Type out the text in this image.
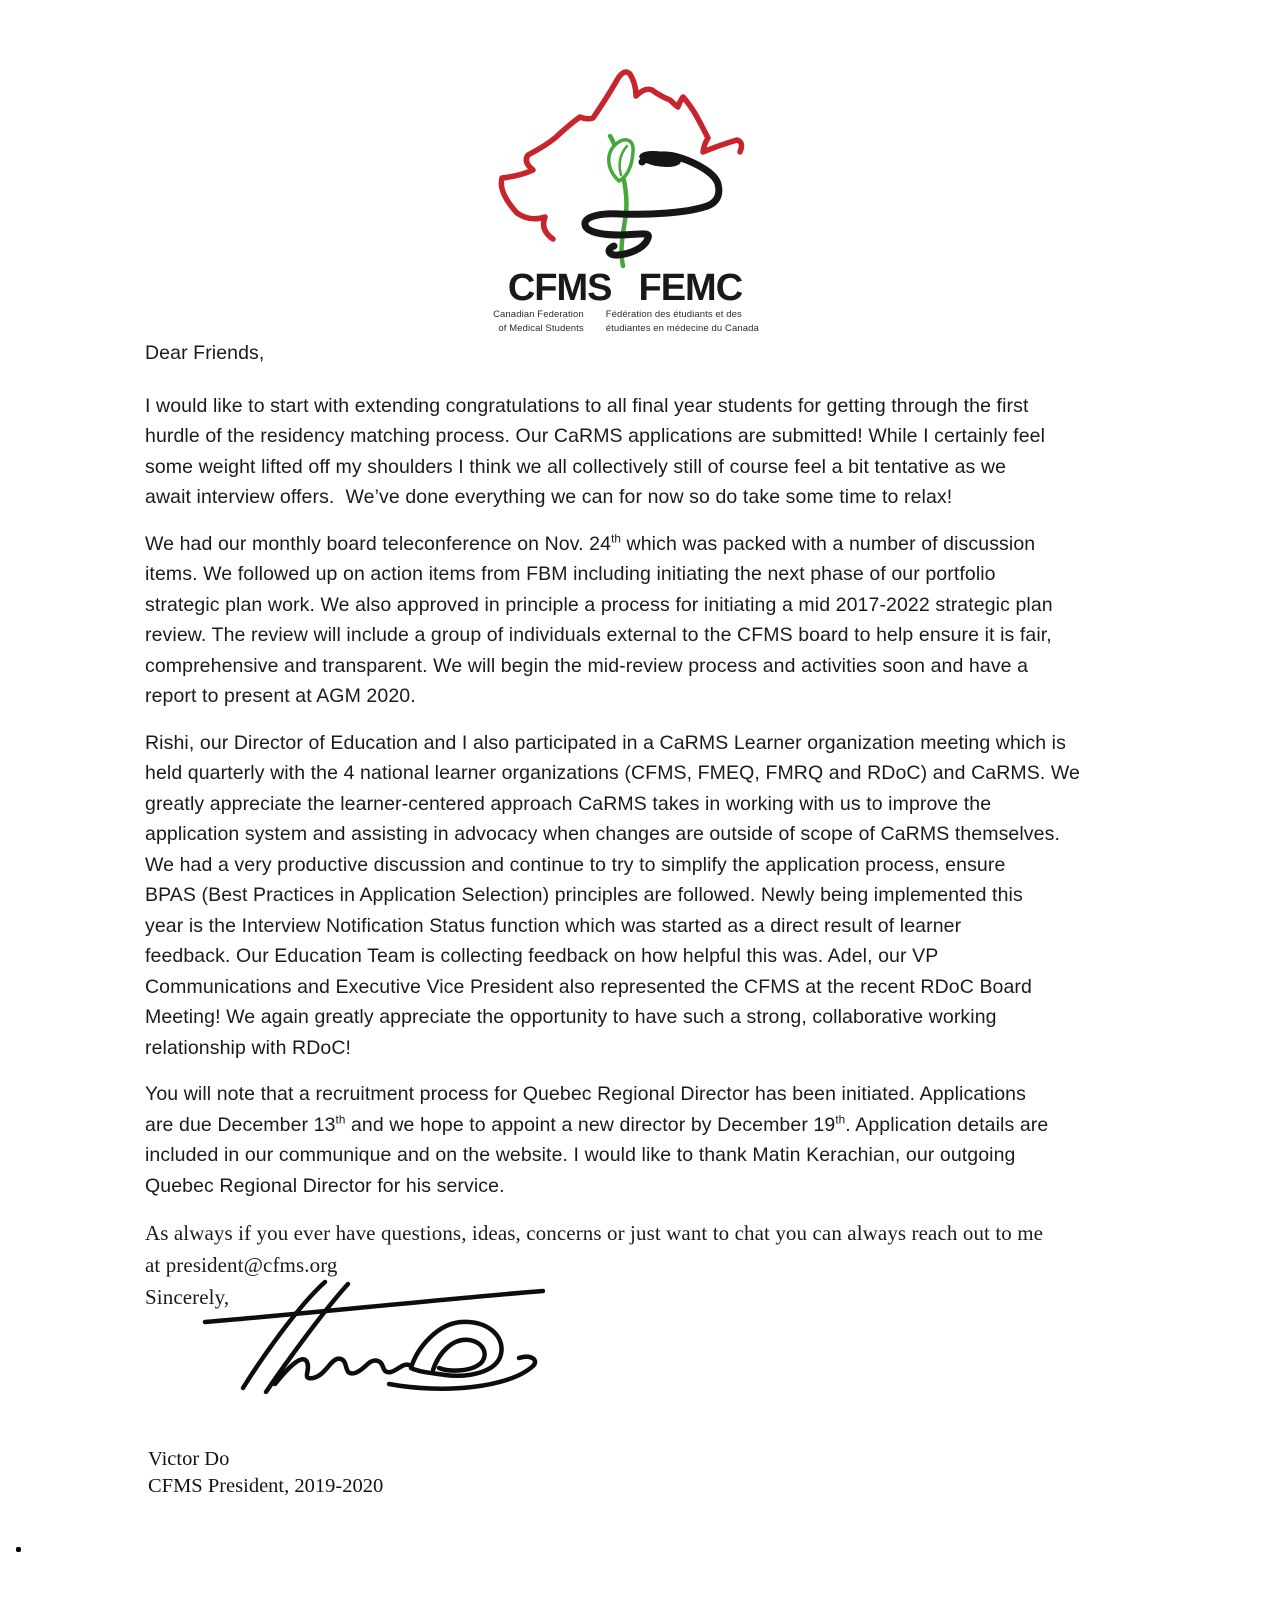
CFMS FEMC
Canadian Federation
of Medical Students
Fédération des étudiants et des
étudiantes en médecine du Canada
Dear Friends,
I would like to start with extending congratulations to all final year students for getting through the first
hurdle of the residency matching process. Our CaRMS applications are submitted! While I certainly feel
some weight lifted off my shoulders I think we all collectively still of course feel a bit tentative as we
await interview offers.  We’ve done everything we can for now so do take some time to relax!
We had our monthly board teleconference on Nov. 24th which was packed with a number of discussion
items. We followed up on action items from FBM including initiating the next phase of our portfolio
strategic plan work. We also approved in principle a process for initiating a mid 2017-2022 strategic plan
review. The review will include a group of individuals external to the CFMS board to help ensure it is fair,
comprehensive and transparent. We will begin the mid-review process and activities soon and have a
report to present at AGM 2020.
Rishi, our Director of Education and I also participated in a CaRMS Learner organization meeting which is
held quarterly with the 4 national learner organizations (CFMS, FMEQ, FMRQ and RDoC) and CaRMS. We
greatly appreciate the learner-centered approach CaRMS takes in working with us to improve the
application system and assisting in advocacy when changes are outside of scope of CaRMS themselves.
We had a very productive discussion and continue to try to simplify the application process, ensure
BPAS (Best Practices in Application Selection) principles are followed. Newly being implemented this
year is the Interview Notification Status function which was started as a direct result of learner
feedback. Our Education Team is collecting feedback on how helpful this was. Adel, our VP
Communications and Executive Vice President also represented the CFMS at the recent RDoC Board
Meeting! We again greatly appreciate the opportunity to have such a strong, collaborative working
relationship with RDoC!
You will note that a recruitment process for Quebec Regional Director has been initiated. Applications
are due December 13th and we hope to appoint a new director by December 19th. Application details are
included in our communique and on the website. I would like to thank Matin Kerachian, our outgoing
Quebec Regional Director for his service.
As always if you ever have questions, ideas, concerns or just want to chat you can always reach out to me
at president@cfms.org
Sincerely,
Victor Do
CFMS President, 2019-2020
